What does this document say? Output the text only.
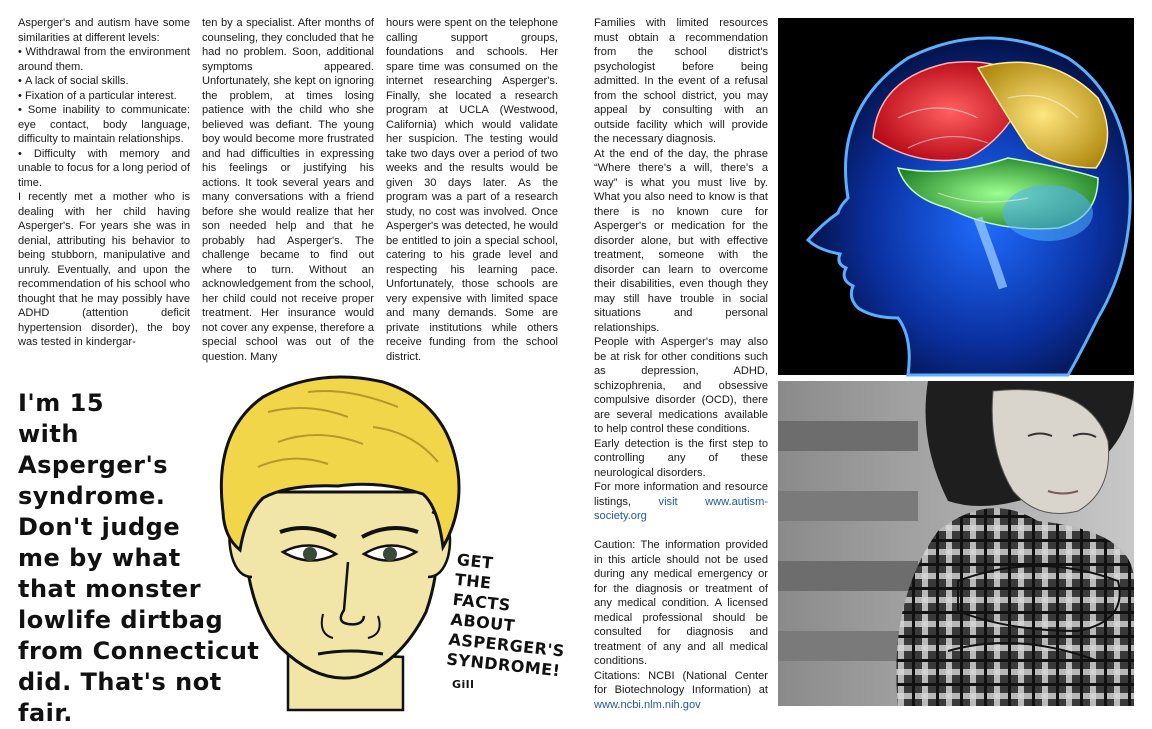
Asperger's and autism have some similarities at different levels:

• Withdrawal from the environment around them.

• A lack of social skills.

• Fixation of a particular interest.

• Some inability to communicate: eye contact, body language, difficulty to maintain relationships.

• Difficulty with memory and unable to focus for a long period of time.

I recently met a mother who is dealing with her child having Asperger's. For years she was in denial, attributing his behavior to being stubborn, manipulative and unruly. Eventually, and upon the recommendation of his school who thought that he may possibly have ADHD (attention deficit hypertension disorder), the boy was tested in kindergar-

ten by a specialist. After months of counseling, they concluded that he had no problem. Soon, additional symptoms appeared. Unfortunately, she kept on ignoring the problem, at times losing patience with the child who she believed was defiant. The young boy would become more frustrated and had difficulties in expressing his feelings or justifying his actions. It took several years and many conversations with a friend before she would realize that her son needed help and that he probably had Asperger's. The challenge became to find out where to turn. Without an acknowledgement from the school, her child could not receive proper treatment. Her insurance would not cover any expense, therefore a special school was out of the question. Many

hours were spent on the telephone calling support groups, foundations and schools. Her spare time was consumed on the internet researching Asperger's. Finally, she located a research program at UCLA (Westwood, California) which would validate her suspicion. The testing would take two days over a period of two weeks and the results would be given 30 days later. As the program was a part of a research study, no cost was involved. Once Asperger's was detected, he would be entitled to join a special school, catering to his grade level and respecting his learning pace. Unfortunately, those schools are very expensive with limited space and many demands. Some are private institutions while others receive funding from the school district.

Families with limited resources must obtain a recommendation from the school district's psychologist before being admitted. In the event of a refusal from the school district, you may appeal by consulting with an outside facility which will provide the necessary diagnosis.

At the end of the day, the phrase “Where there's a will, there's a way” is what you must live by. What you also need to know is that there is no known cure for Asperger's or medication for the disorder alone, but with effective treatment, someone with the disorder can learn to overcome their disabilities, even though they may still have trouble in social situations and personal relationships.

People with Asperger's may also be at risk for other conditions such as depression, ADHD, schizophrenia, and obsessive compulsive disorder (OCD), there are several medications available to help control these conditions.

Early detection is the first step to controlling any of these neurological disorders.

For more information and resource listings, visit www.autism-society.org

Caution: The information provided in this article should not be used during any medical emergency or for the diagnosis or treatment of any medical condition. A licensed medical professional should be consulted for diagnosis and treatment of any and all medical conditions.

Citations: NCBI (National Center for Biotechnology Information) at www.ncbi.nlm.nih.gov

I'm 15
with
Asperger's
syndrome.
Don't judge
me by what
that monster
lowlife dirtbag
from Connecticut
did. That's not fair.
GET
THE
FACTS
ABOUT
ASPERGER'S
SYNDROME!
Gill
